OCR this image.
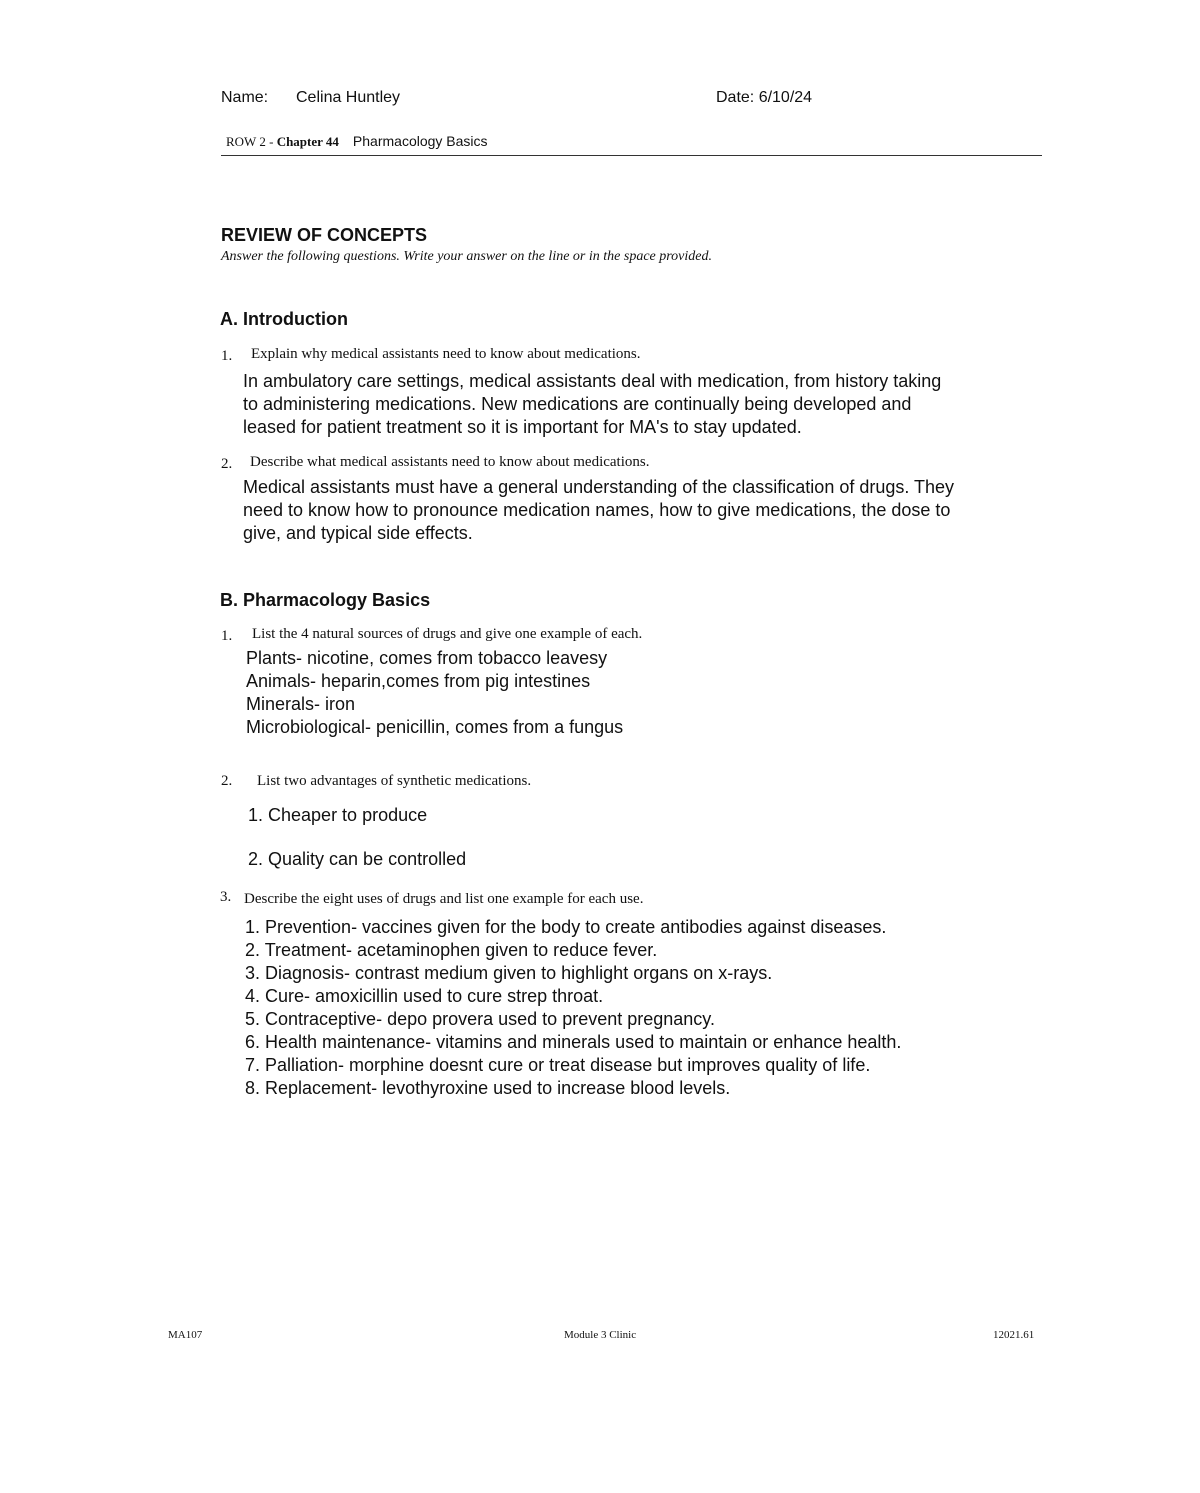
Name: Celina Huntley	Date: 6/10/24
ROW 2 - Chapter 44 Pharmacology Basics
REVIEW OF CONCEPTS
Answer the following questions. Write your answer on the line or in the space provided.
A. Introduction
1. Explain why medical assistants need to know about medications.
In ambulatory care settings, medical assistants deal with medication, from history taking
to administering medications. New medications are continually being developed and
leased for patient treatment so it is important for MA's to stay updated.
2. Describe what medical assistants need to know about medications.
Medical assistants must have a general understanding of the classification of drugs. They
need to know how to pronounce medication names, how to give medications, the dose to
give, and typical side effects.
B. Pharmacology Basics
1. List the 4 natural sources of drugs and give one example of each.
Plants- nicotine, comes from tobacco leavesy
Animals- heparin,comes from pig intestines
Minerals- iron
Microbiological- penicillin, comes from a fungus
2. List two advantages of synthetic medications.
1. Cheaper to produce
2. Quality can be controlled
3. Describe the eight uses of drugs and list one example for each use.
1. Prevention- vaccines given for the body to create antibodies against diseases.
2. Treatment- acetaminophen given to reduce fever.
3. Diagnosis- contrast medium given to highlight organs on x-rays.
4. Cure- amoxicillin used to cure strep throat.
5. Contraceptive- depo provera used to prevent pregnancy.
6. Health maintenance- vitamins and minerals used to maintain or enhance health.
7. Palliation- morphine doesnt cure or treat disease but improves quality of life.
8. Replacement- levothyroxine used to increase blood levels.
MA107	Module 3 Clinic	12021.61
